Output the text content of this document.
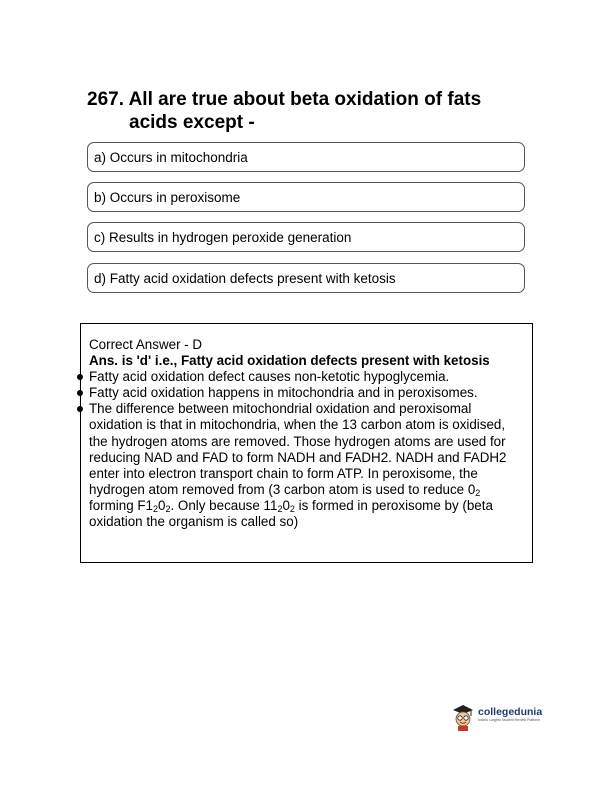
267. All are true about beta oxidation of fats
acids except -
a) Occurs in mitochondria
b) Occurs in peroxisome
c) Results in hydrogen peroxide generation
d) Fatty acid oxidation defects present with ketosis
Correct Answer - D
Ans. is 'd' i.e., Fatty acid oxidation defects present with ketosis
Fatty acid oxidation defect causes non-ketotic hypoglycemia.
Fatty acid oxidation happens in mitochondria and in peroxisomes.
The difference between mitochondrial oxidation and peroxisomal oxidation is that in mitochondria, when the 13 carbon atom is oxidised, the hydrogen atoms are removed. Those hydrogen atoms are used for reducing NAD and FAD to form NADH and FADH2. NADH and FADH2 enter into electron transport chain to form ATP. In peroxisome, the hydrogen atom removed from (3 carbon atom is used to reduce $0_2$ forming $F1_20_2$. Only because $11_20_2$ is formed in peroxisome by (beta oxidation the organism is called so)
collegedunia
India's Largest Student Review Platform
